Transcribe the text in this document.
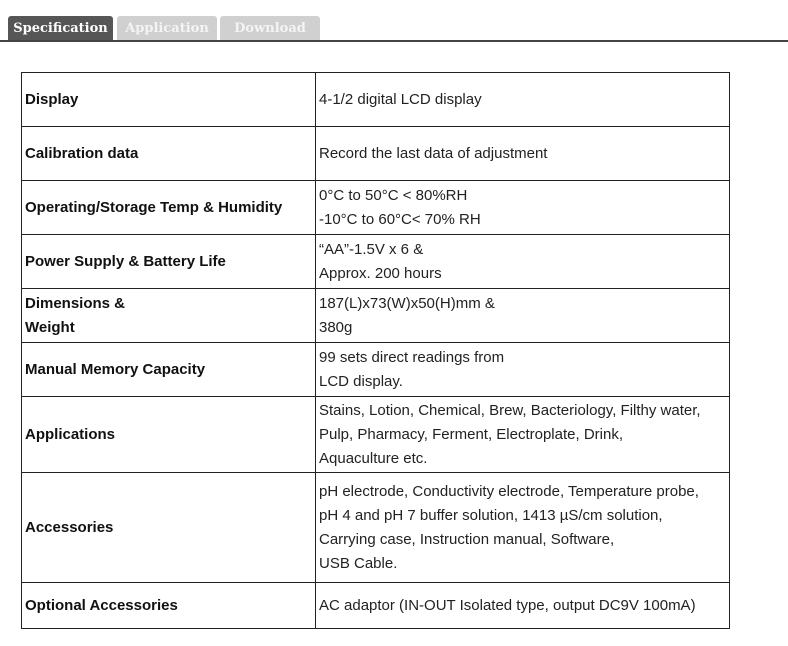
Specification	Application	Download
Display	4-1/2 digital LCD display

Calibration data	Record the last data of adjustment

Operating/Storage Temp & Humidity	0°C to 50°C < 80%RH
-10°C to 60°C< 70% RH

Power Supply & Battery Life	“AA”-1.5V x 6 &
Approx. 200 hours

Dimensions &
Weight	187(L)x73(W)x50(H)mm &
380g

Manual Memory Capacity	99 sets direct readings from
LCD display.

Applications	Stains, Lotion, Chemical, Brew, Bacteriology, Filthy water,
Pulp, Pharmacy, Ferment, Electroplate, Drink,
Aquaculture etc.

Accessories	pH electrode, Conductivity electrode, Temperature probe,
pH 4 and pH 7 buffer solution, 1413 µS/cm solution,
Carrying case, Instruction manual, Software,
USB Cable.

Optional Accessories	AC adaptor (IN-OUT Isolated type, output DC9V 100mA)
